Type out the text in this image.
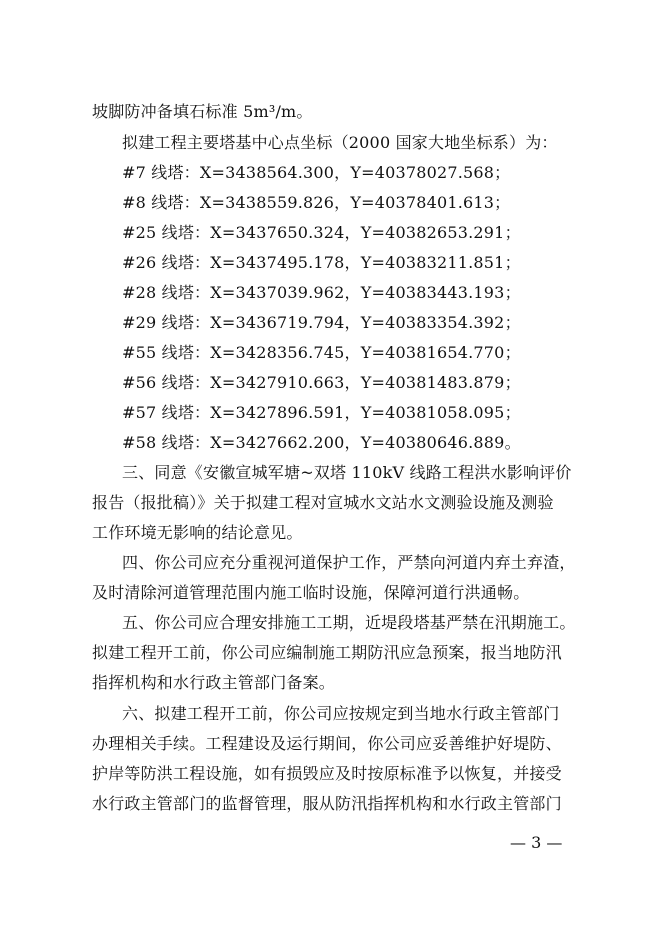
坡脚防冲备填石标准 5m³/m。
拟建工程主要塔基中心点坐标（2000 国家大地坐标系）为：
#7 线塔：X=3438564.300，Y=40378027.568；
#8 线塔：X=3438559.826，Y=40378401.613；
#25 线塔：X=3437650.324，Y=40382653.291；
#26 线塔：X=3437495.178，Y=40383211.851；
#28 线塔：X=3437039.962，Y=40383443.193；
#29 线塔：X=3436719.794，Y=40383354.392；
#55 线塔：X=3428356.745，Y=40381654.770；
#56 线塔：X=3427910.663，Y=40381483.879；
#57 线塔：X=3427896.591，Y=40381058.095；
#58 线塔：X=3427662.200，Y=40380646.889。
三、同意《安徽宣城军塘~双塔 110kV 线路工程洪水影响评价
报告（报批稿）》关于拟建工程对宣城水文站水文测验设施及测验
工作环境无影响的结论意见。
四、你公司应充分重视河道保护工作，严禁向河道内弃土弃渣，
及时清除河道管理范围内施工临时设施，保障河道行洪通畅。
五、你公司应合理安排施工工期，近堤段塔基严禁在汛期施工。
拟建工程开工前，你公司应编制施工期防汛应急预案，报当地防汛
指挥机构和水行政主管部门备案。
六、拟建工程开工前，你公司应按规定到当地水行政主管部门
办理相关手续。工程建设及运行期间，你公司应妥善维护好堤防、
护岸等防洪工程设施，如有损毁应及时按原标准予以恢复，并接受
水行政主管部门的监督管理，服从防汛指挥机构和水行政主管部门
— 3 —
